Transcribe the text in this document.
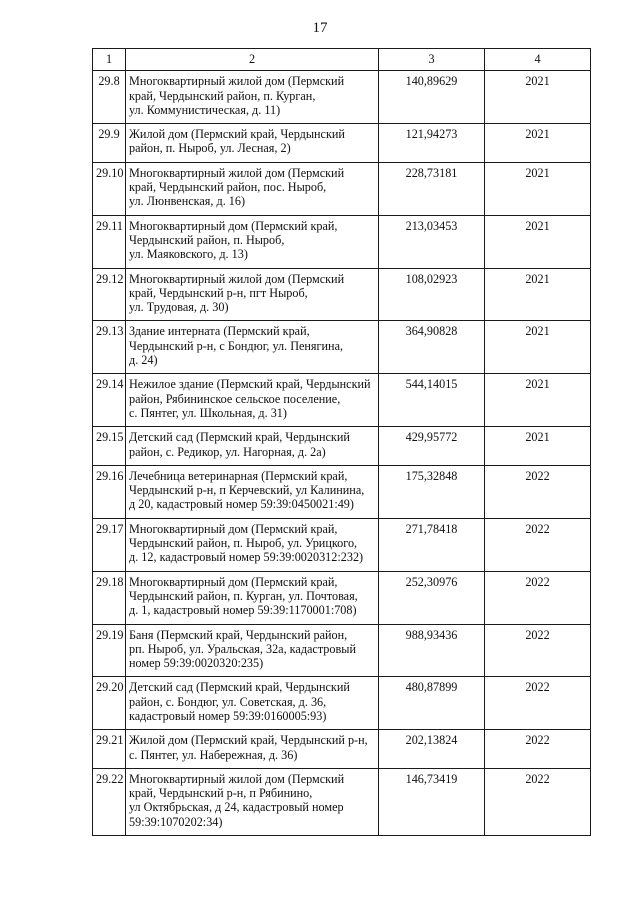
17
1	2	3	4
29.8	Многоквартирный жилой дом (Пермский
край, Чердынский район, п. Курган,
ул. Коммунистическая, д. 11)	140,89629	2021
29.9	Жилой дом (Пермский край, Чердынский
район, п. Ныроб, ул. Лесная, 2)	121,94273	2021
29.10	Многоквартирный жилой дом (Пермский
край, Чердынский район, пос. Ныроб,
ул. Люнвенская, д. 16)	228,73181	2021
29.11	Многоквартирный дом (Пермский край,
Чердынский район, п. Ныроб,
ул. Маяковского, д. 13)	213,03453	2021
29.12	Многоквартирный жилой дом (Пермский
край, Чердынский р-н, пгт Ныроб,
ул. Трудовая, д. 30)	108,02923	2021
29.13	Здание интерната (Пермский край,
Чердынский р-н, с Бондюг, ул. Пенягина,
д. 24)	364,90828	2021
29.14	Нежилое здание (Пермский край, Чердынский
район, Рябининское сельское поселение,
с. Пянтег, ул. Школьная, д. 31)	544,14015	2021
29.15	Детский сад (Пермский край, Чердынский
район, с. Редикор, ул. Нагорная, д. 2а)	429,95772	2021
29.16	Лечебница ветеринарная (Пермский край,
Чердынский р-н, п Керчевский, ул Калинина,
д 20, кадастровый номер 59:39:0450021:49)	175,32848	2022
29.17	Многоквартирный дом (Пермский край,
Чердынский район, п. Ныроб, ул. Урицкого,
д. 12, кадастровый номер 59:39:0020312:232)	271,78418	2022
29.18	Многоквартирный дом (Пермский край,
Чердынский район, п. Курган, ул. Почтовая,
д. 1, кадастровый номер 59:39:1170001:708)	252,30976	2022
29.19	Баня (Пермский край, Чердынский район,
рп. Ныроб, ул. Уральская, 32а, кадастровый
номер 59:39:0020320:235)	988,93436	2022
29.20	Детский сад (Пермский край, Чердынский
район, с. Бондюг, ул. Советская, д. 36,
кадастровый номер 59:39:0160005:93)	480,87899	2022
29.21	Жилой дом (Пермский край, Чердынский р-н,
с. Пянтег, ул. Набережная, д. 36)	202,13824	2022
29.22	Многоквартирный жилой дом (Пермский
край, Чердынский р-н, п Рябинино,
ул Октябрьская, д 24, кадастровый номер
59:39:1070202:34)	146,73419	2022
